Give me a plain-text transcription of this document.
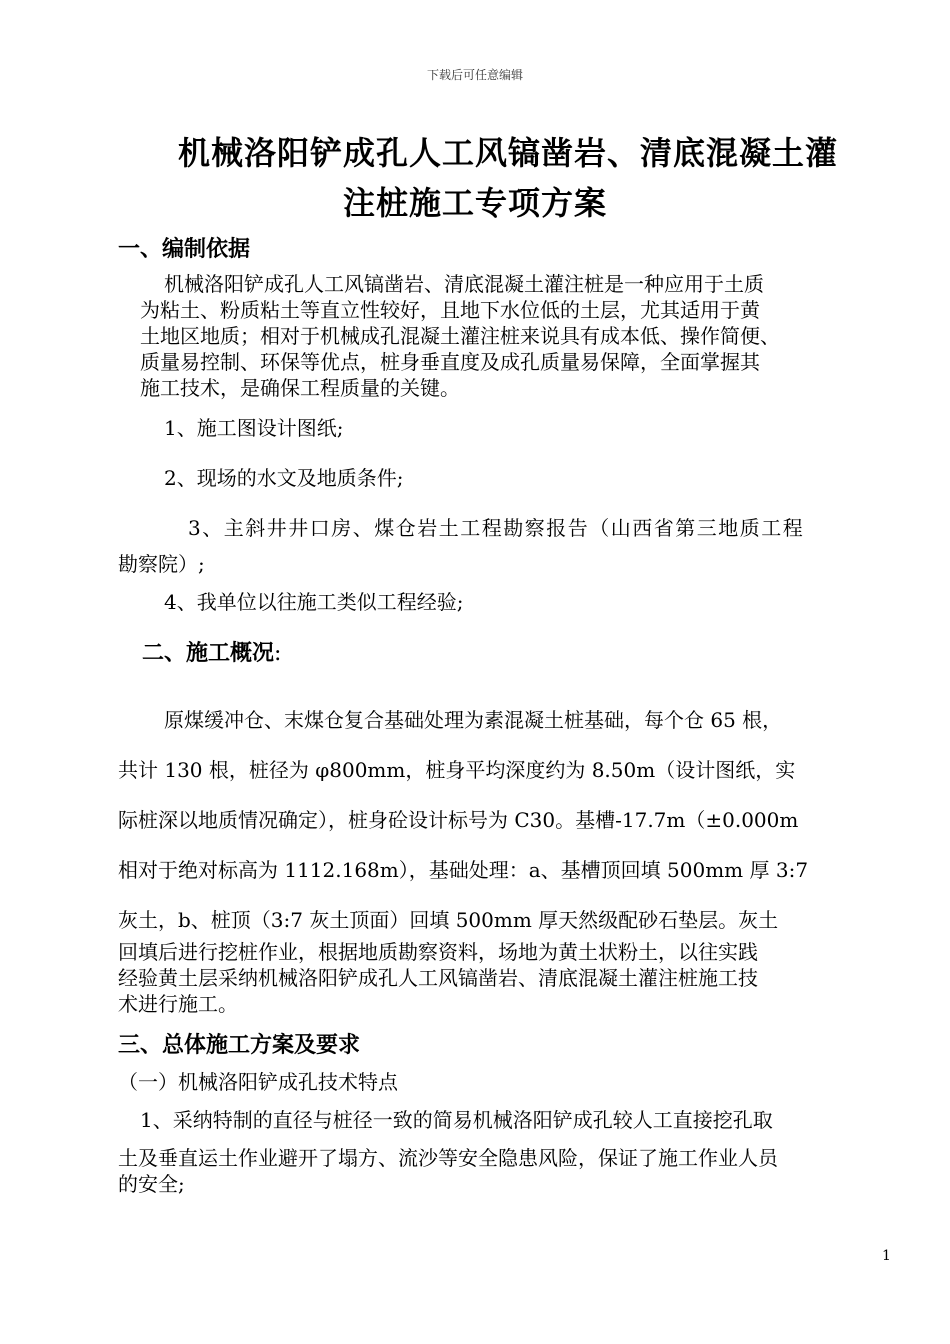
下载后可任意编辑
机械洛阳铲成孔人工风镐凿岩、清底混凝土灌
注桩施工专项方案
一、编制依据
机械洛阳铲成孔人工风镐凿岩、清底混凝土灌注桩是一种应用于土质
为粘土、粉质粘土等直立性较好，且地下水位低的土层，尤其适用于黄
土地区地质；相对于机械成孔混凝土灌注桩来说具有成本低、操作简便、
质量易控制、环保等优点，桩身垂直度及成孔质量易保障，全面掌握其
施工技术，是确保工程质量的关键。
1、施工图设计图纸;
2、现场的水文及地质条件;
3、主斜井井口房、煤仓岩土工程勘察报告（山西省第三地质工程
勘察院）;
4、我单位以往施工类似工程经验;
二、施工概况:
原煤缓冲仓、末煤仓复合基础处理为素混凝土桩基础，每个仓 65 根，
共计 130 根，桩径为 φ800mm，桩身平均深度约为 8.50m（设计图纸，实
际桩深以地质情况确定），桩身砼设计标号为 C30。基槽-17.7m（±0.000m
相对于绝对标高为 1112.168m），基础处理：a、基槽顶回填 500mm 厚 3:7
灰土，b、桩顶（3:7 灰土顶面）回填 500mm 厚天然级配砂石垫层。灰土
回填后进行挖桩作业，根据地质勘察资料，场地为黄土状粉土，以往实践
经验黄土层采纳机械洛阳铲成孔人工风镐凿岩、清底混凝土灌注桩施工技
术进行施工。
三、总体施工方案及要求
（一）机械洛阳铲成孔技术特点
1、采纳特制的直径与桩径一致的简易机械洛阳铲成孔较人工直接挖孔取
土及垂直运土作业避开了塌方、流沙等安全隐患风险，保证了施工作业人员
的安全;
1
